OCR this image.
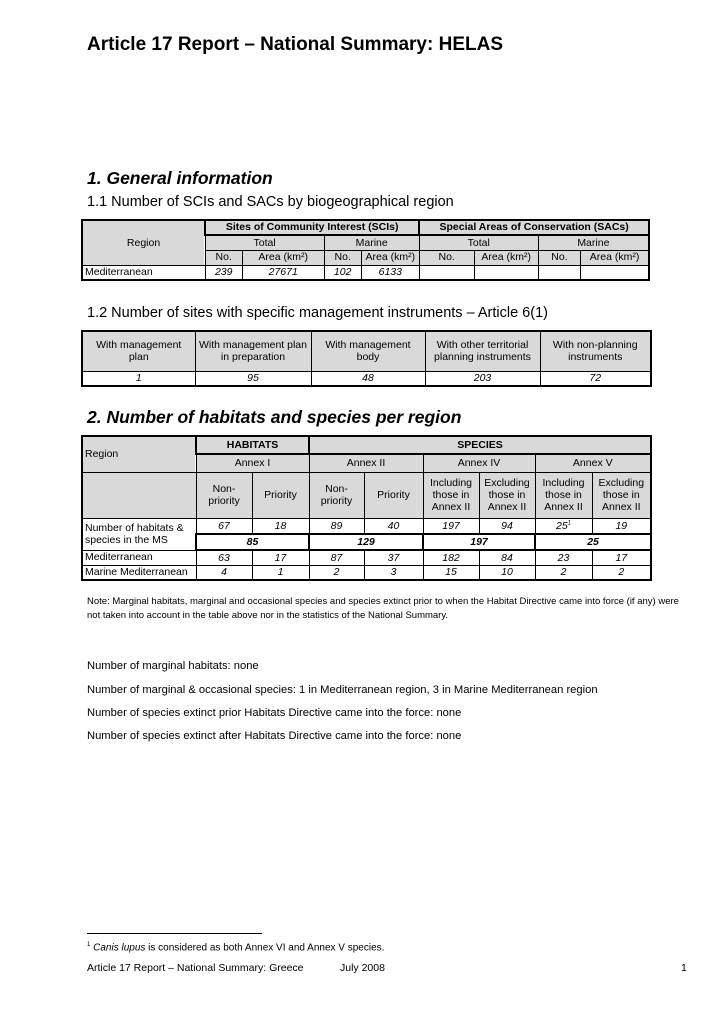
Article 17 Report – National Summary: HELAS
1. General information
1.1 Number of SCIs and SACs by biogeographical region
Region	Sites of Community Interest (SCIs)				Special Areas of Conservation (SACs)			
	Total		Marine		Total		Marine	
	No.	Area (km²)	No.	Area (km²)	No.	Area (km²)	No.	Area (km²)
Mediterranean	239	27671	102	6133				
1.2 Number of sites with specific management instruments – Article 6(1)
With management plan	With management plan in preparation	With management body	With other territorial planning instruments	With non-planning instruments
1	95	48	203	72
2. Number of habitats and species per region
Region	HABITATS		SPECIES					
	Annex I		Annex II		Annex IV		Annex V	
	Non-priority	Priority	Non-priority	Priority	Including those in Annex II	Excluding those in Annex II	Including those in Annex II	Excluding those in Annex II
Number of habitats & species in the MS	67	18	89	40	197	94	$25^1$	19
	85		129		197		25	
Mediterranean	63	17	87	37	182	84	23	17
Marine Mediterranean	4	1	2	3	15	10	2	2
Note: Marginal habitats, marginal and occasional species and species extinct prior to when the Habitat Directive came into force (if any) were not taken into account in the table above nor in the statistics of the National Summary.
Number of marginal habitats: none
Number of marginal & occasional species: 1 in Mediterranean region, 3 in Marine Mediterranean region
Number of species extinct prior Habitats Directive came into the force: none
Number of species extinct after Habitats Directive came into the force: none
$^1$ Canis lupus is considered as both Annex VI and Annex V species.
Article 17 Report – National Summary: Greece	July 2008	1
